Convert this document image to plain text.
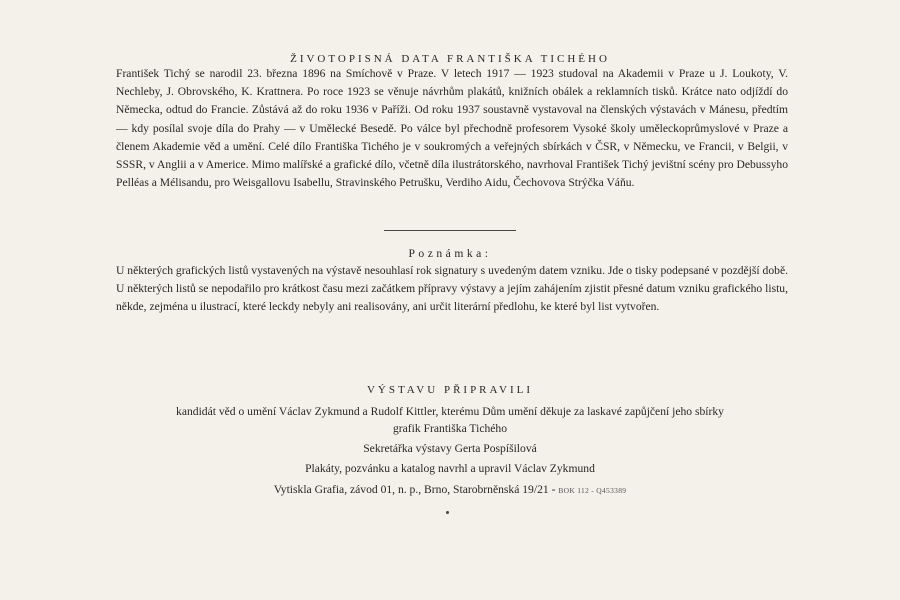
ŽIVOTOPISNÁ DATA FRANTIŠKA TICHÉHO
František Tichý se narodil 23. března 1896 na Smíchově v Praze. V letech 1917 — 1923 studoval na Akademii v Praze u J. Loukoty, V. Nechleby, J. Obrovského, K. Krattnera. Po roce 1923 se věnuje návrhům plakátů, knižních obálek a reklamních tisků. Krátce nato odjíždí do Německa, odtud do Francie. Zůstává až do roku 1936 v Paříži. Od roku 1937 soustavně vystavoval na členských výstavách v Mánesu, předtím — kdy posílal svoje díla do Prahy — v Umělecké Besedě. Po válce byl přechodně profesorem Vysoké školy uměleckoprůmyslové v Praze a členem Akademie věd a umění. Celé dílo Františka Tichého je v soukromých a veřejných sbírkách v ČSR, v Německu, ve Francii, v Belgii, v SSSR, v Anglii a v Americe. Mimo malířské a grafické dílo, včetně díla ilustrátorského, navrhoval František Tichý jevištní scény pro Debussyho Pelléas a Mélisandu, pro Weisgallovu Isabellu, Stravinského Petrušku, Verdiho Aidu, Čechovova Strýčka Váňu.
Poznámka:
U některých grafických listů vystavených na výstavě nesouhlasí rok signatury s uvedeným datem vzniku. Jde o tisky podepsané v pozdější době. U některých listů se nepodařilo pro krátkost času mezi začátkem přípravy výstavy a jejím zahájením zjistit přesné datum vzniku grafického listu, někde, zejména u ilustrací, které leckdy nebyly ani realisovány, ani určit literární předlohu, ke které byl list vytvořen.
VÝSTAVU PŘIPRAVILI
kandidát věd o umění Václav Zykmund a Rudolf Kittler, kterému Dům umění děkuje za laskavé zapůjčení jeho sbírky
grafik Františka Tichého
Sekretářka výstavy Gerta Pospíšilová
Plakáty, pozvánku a katalog navrhl a upravil Václav Zykmund
Vytiskla Grafia, závod 01, n. p., Brno, Starobrněnská 19/21 - BOK 112 - Q453389
